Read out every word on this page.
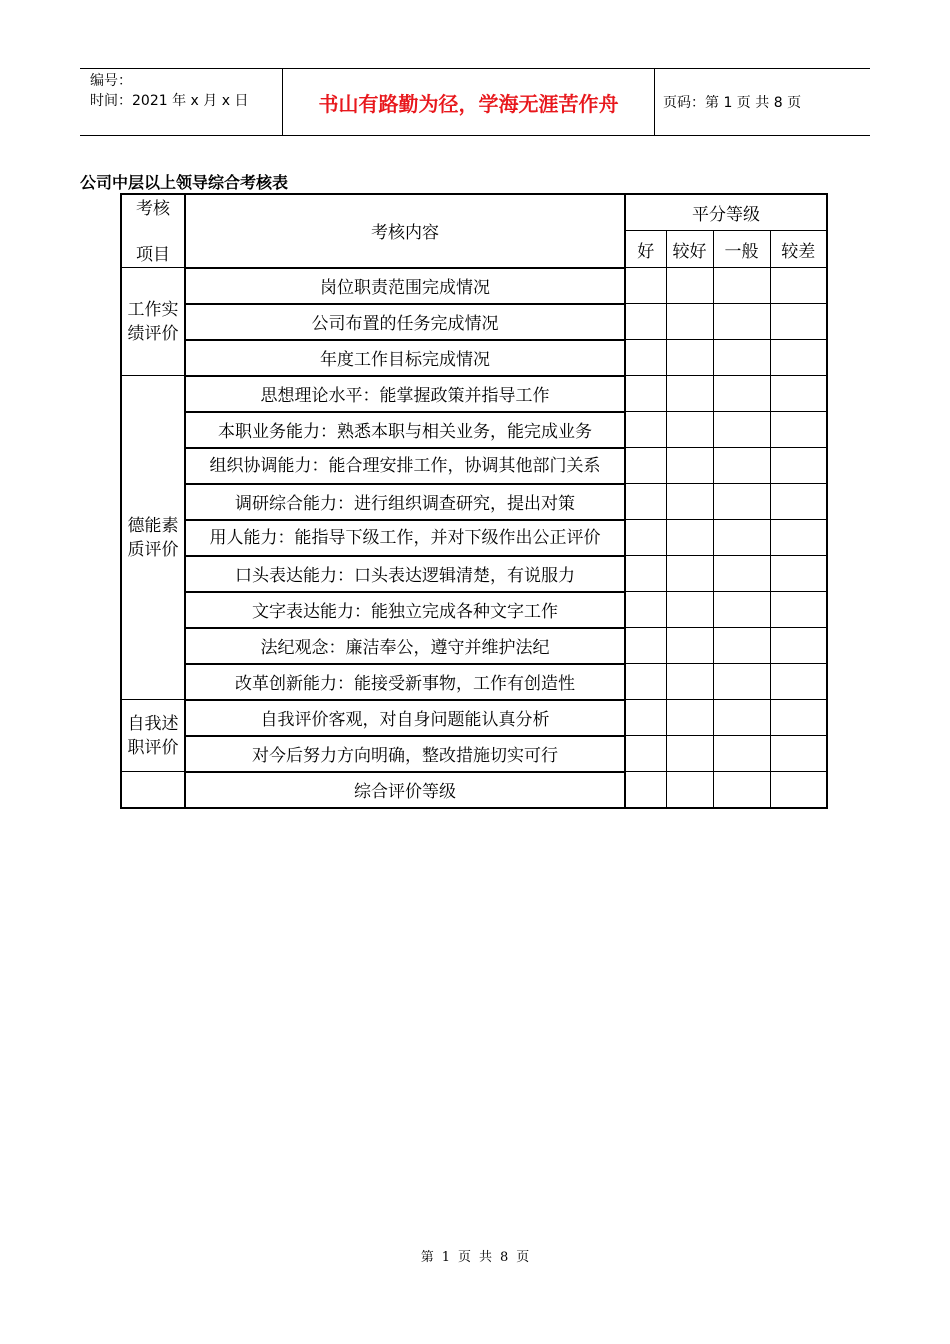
编号：
时间：2021 年 x 月 x 日	书山有路勤为径，学海无涯苦作舟	页码：第 1 页 共 8 页
公司中层以上领导综合考核表
考核
项目	考核内容	平分等级			
		好	较好	一般	较差
工作实绩评价	岗位职责范围完成情况				
	公司布置的任务完成情况				
	年度工作目标完成情况				
德能素质评价	思想理论水平：能掌握政策并指导工作				
	本职业务能力：熟悉本职与相关业务，能完成业务				

	组织协调能力：能合理安排工作，协调其他部门关系				

	调研综合能力：进行组织调查研究，提出对策				

	用人能力：能指导下级工作，并对下级作出公正评价				

	口头表达能力：口头表达逻辑清楚，有说服力				
	文字表达能力：能独立完成各种文字工作				
	法纪观念：廉洁奉公，遵守并维护法纪				
	改革创新能力：能接受新事物，工作有创造性				
自我述职评价	自我评价客观，对自身问题能认真分析				
	对今后努力方向明确，整改措施切实可行				
	综合评价等级				
第 1 页 共 8 页
